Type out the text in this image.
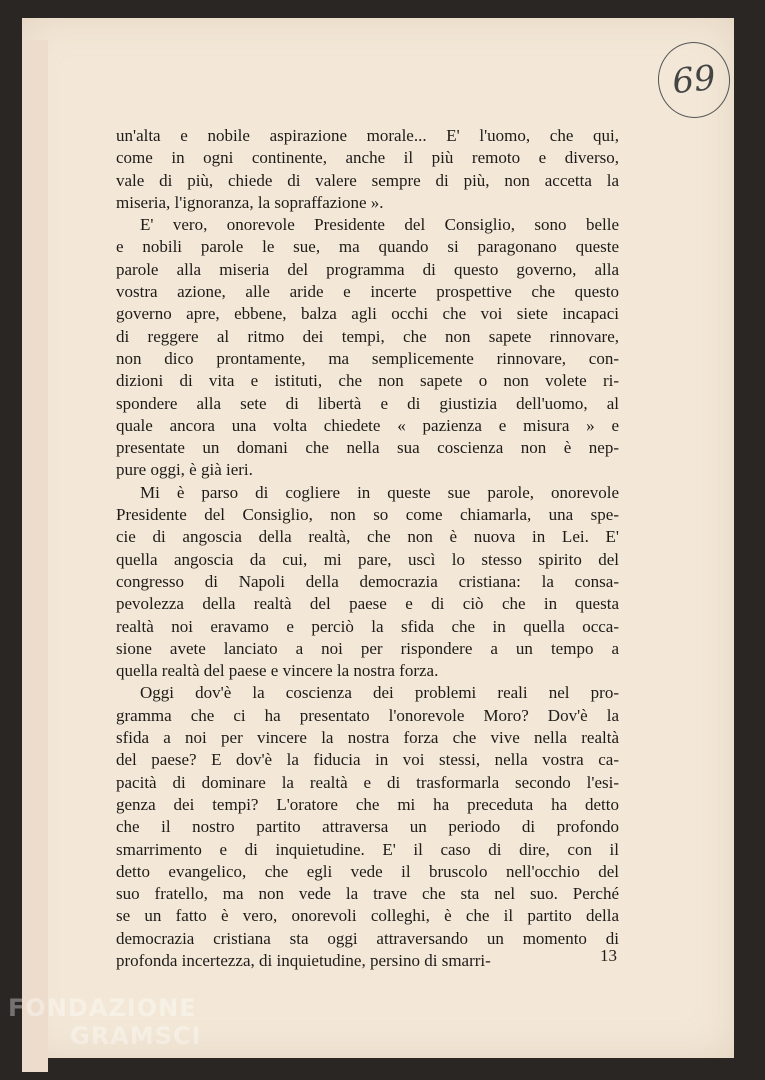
69
un'alta e nobile aspirazione morale... E' l'uomo, che qui,
come in ogni continente, anche il più remoto e diverso,
vale di più, chiede di valere sempre di più, non accetta la
miseria, l'ignoranza, la sopraffazione ».
E' vero, onorevole Presidente del Consiglio, sono belle
e nobili parole le sue, ma quando si paragonano queste
parole alla miseria del programma di questo governo, alla
vostra azione, alle aride e incerte prospettive che questo
governo apre, ebbene, balza agli occhi che voi siete incapaci
di reggere al ritmo dei tempi, che non sapete rinnovare,
non dico prontamente, ma semplicemente rinnovare, con-
dizioni di vita e istituti, che non sapete o non volete ri-
spondere alla sete di libertà e di giustizia dell'uomo, al
quale ancora una volta chiedete « pazienza e misura » e
presentate un domani che nella sua coscienza non è nep-
pure oggi, è già ieri.
Mi è parso di cogliere in queste sue parole, onorevole
Presidente del Consiglio, non so come chiamarla, una spe-
cie di angoscia della realtà, che non è nuova in Lei. E'
quella angoscia da cui, mi pare, uscì lo stesso spirito del
congresso di Napoli della democrazia cristiana: la consa-
pevolezza della realtà del paese e di ciò che in questa
realtà noi eravamo e perciò la sfida che in quella occa-
sione avete lanciato a noi per rispondere a un tempo a
quella realtà del paese e vincere la nostra forza.
Oggi dov'è la coscienza dei problemi reali nel pro-
gramma che ci ha presentato l'onorevole Moro? Dov'è la
sfida a noi per vincere la nostra forza che vive nella realtà
del paese? E dov'è la fiducia in voi stessi, nella vostra ca-
pacità di dominare la realtà e di trasformarla secondo l'esi-
genza dei tempi? L'oratore che mi ha preceduta ha detto
che il nostro partito attraversa un periodo di profondo
smarrimento e di inquietudine. E' il caso di dire, con il
detto evangelico, che egli vede il bruscolo nell'occhio del
suo fratello, ma non vede la trave che sta nel suo. Perché
se un fatto è vero, onorevoli colleghi, è che il partito della
democrazia cristiana sta oggi attraversando un momento di
profonda incertezza, di inquietudine, persino di smarri-	13
FONDAZIONE
GRAMSCI
